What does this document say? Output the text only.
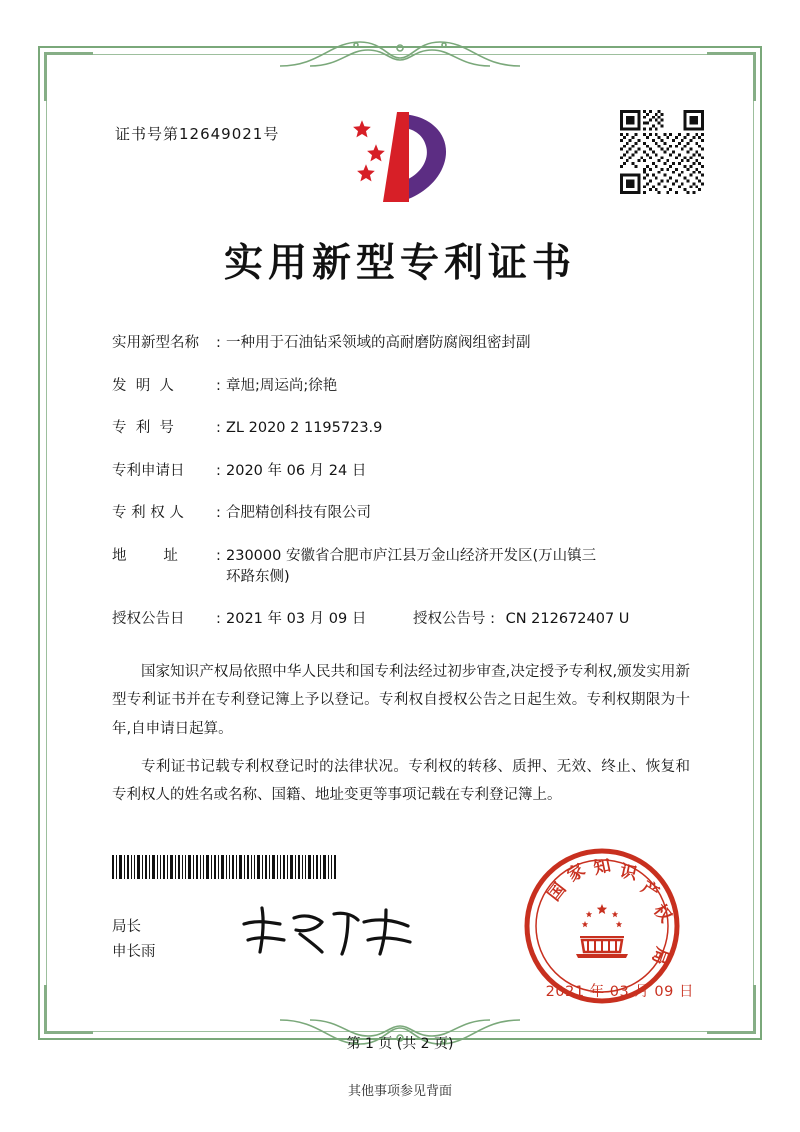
证书号第12649021号
实用新型专利证书
实用新型名称	: 一种用于石油钻采领域的高耐磨防腐阀组密封副
发  明  人	: 章旭;周运尚;徐艳
专  利  号	: ZL 2020 2 1195723.9
专利申请日	: 2020 年 06 月 24 日
专 利 权 人	: 合肥精创科技有限公司
地        址	: 230000 安徽省合肥市庐江县万金山经济开发区(万山镇三
环路东侧)
授权公告日	: 2021 年 03 月 09 日	授权公告号 : CN 212672407 U

国家知识产权局依照中华人民共和国专利法经过初步审查,决定授予专利权,颁发实用新型专利证书并在专利登记簿上予以登记。专利权自授权公告之日起生效。专利权期限为十年,自申请日起算。

专利证书记载专利权登记时的法律状况。专利权的转移、质押、无效、终止、恢复和专利权人的姓名或名称、国籍、地址变更等事项记载在专利登记簿上。

局长
申长雨
国
家 知 识
产
权
局
2021 年 03 月 09 日
第 1 页 (共 2 页)
其他事项参见背面
